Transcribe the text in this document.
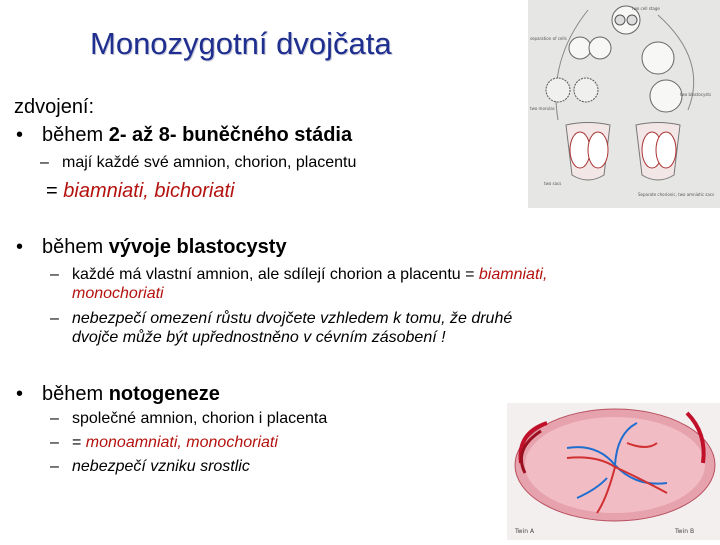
Monozygotní dvojčata
zdvojení:
• během 2- až 8- buněčného stádia
– mají každé své amnion, chorion, placentu
= biamniati, bichoriati
• během vývoje blastocysty
– každé má vlastní amnion, ale sdílejí chorion a placentu = biamniati,
monochoriati
– nebezpečí omezení růstu dvojčete vzhledem k tomu, že druhé
dvojče může být upřednostněno v cévním zásobení !
• během notogeneze
– společné amnion, chorion i placenta
– = monoamniati, monochoriati
– nebezpečí vzniku srostlic
two cell stage
separation of cells
two morulas
two blastocysts
two sacs
Separate chorionic, two amniotic sacs
Twin A	Twin B
